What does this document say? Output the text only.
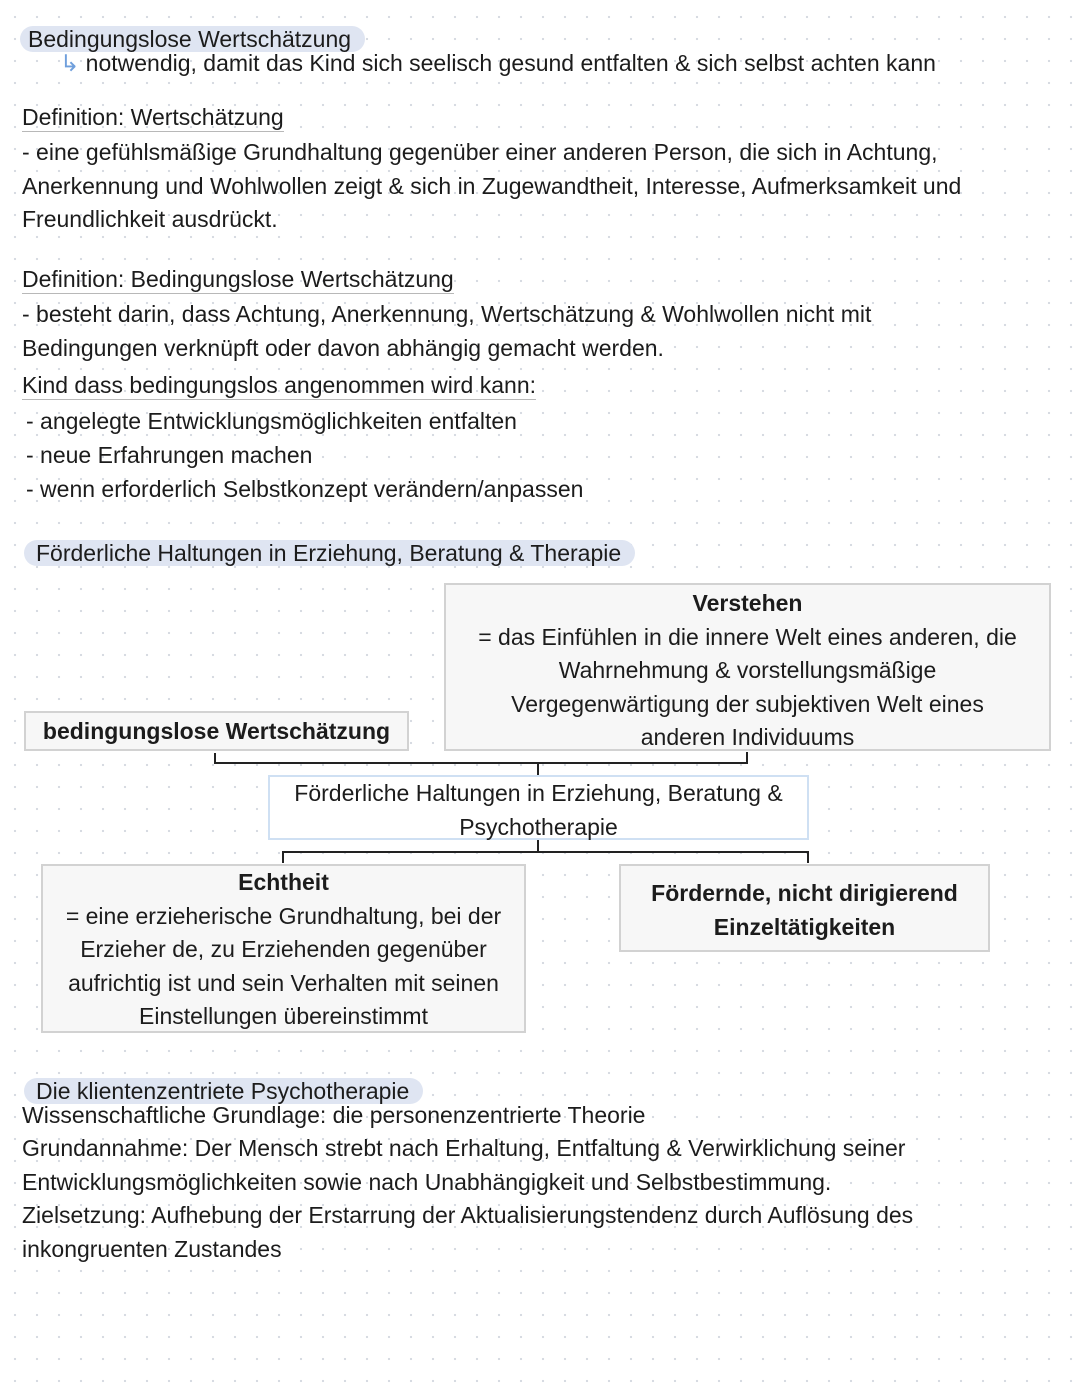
Bedingungslose Wertschätzung

↳ notwendig, damit das Kind sich seelisch gesund entfalten & sich selbst achten kann

Definition: Wertschätzung

- eine gefühlsmäßige Grundhaltung gegenüber einer anderen Person, die sich in Achtung,

Anerkennung und Wohlwollen zeigt & sich in Zugewandtheit, Interesse, Aufmerksamkeit und

Freundlichkeit ausdrückt.

Definition: Bedingungslose Wertschätzung

- besteht darin, dass Achtung, Anerkennung, Wertschätzung & Wohlwollen nicht mit

Bedingungen verknüpft oder davon abhängig gemacht werden.

Kind dass bedingungslos angenommen wird kann:

- angelegte Entwicklungsmöglichkeiten entfalten

- neue Erfahrungen machen

- wenn erforderlich Selbstkonzept verändern/anpassen

Förderliche Haltungen in Erziehung, Beratung & Therapie

Verstehen
= das Einfühlen in die innere Welt eines anderen, die
Wahrnehmung & vorstellungsmäßige
Vergegenwärtigung der subjektiven Welt eines
anderen Individuums
bedingungslose Wertschätzung
Förderliche Haltungen in Erziehung, Beratung &
Psychotherapie
Echtheit
= eine erzieherische Grundhaltung, bei der
Erzieher de, zu Erziehenden gegenüber
aufrichtig ist und sein Verhalten mit seinen
Einstellungen übereinstimmt
Fördernde, nicht dirigierend
Einzeltätigkeiten

Die klientenzentriete Psychotherapie

Wissenschaftliche Grundlage: die personenzentrierte Theorie

Grundannahme: Der Mensch strebt nach Erhaltung, Entfaltung & Verwirklichung seiner

Entwicklungsmöglichkeiten sowie nach Unabhängigkeit und Selbstbestimmung.

Zielsetzung: Aufhebung der Erstarrung der Aktualisierungstendenz durch Auflösung des

inkongruenten Zustandes
